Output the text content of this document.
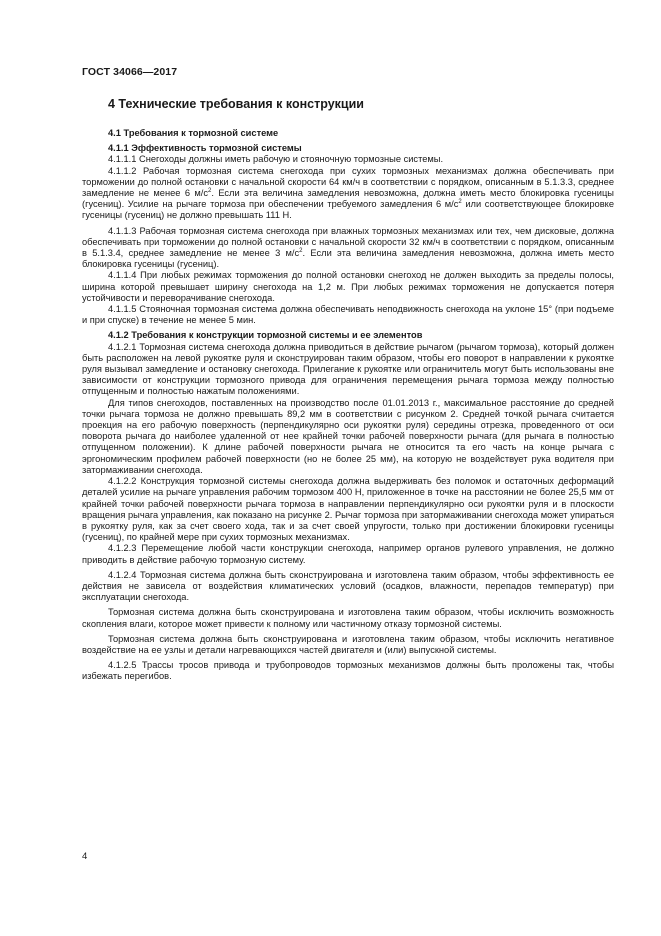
ГОСТ 34066—2017
4 Технические требования к конструкции

4.1 Требования к тормозной системе

4.1.1 Эффективность тормозной системы

4.1.1.1 Снегоходы должны иметь рабочую и стояночную тормозные системы.

4.1.1.2 Рабочая тормозная система снегохода при сухих тормозных механизмах должна обеспечивать при торможении до полной остановки с начальной скорости 64 км/ч в соответствии с порядком, описанным в 5.1.3.3, среднее замедление не менее 6 $м/с^2$. Если эта величина замедления невозможна, должна иметь место блокировка гусеницы (гусениц). Усилие на рычаге тормоза при обеспечении требуемого замедления 6 $м/с^2$ или соответствующее блокировке гусеницы (гусениц) не должно превышать 111 Н.

4.1.1.3 Рабочая тормозная система снегохода при влажных тормозных механизмах или тех, чем дисковые, должна обеспечивать при торможении до полной остановки с начальной скорости 32 км/ч в соответствии с порядком, описанным в 5.1.3.4, среднее замедление не менее 3 $м/с^2$. Если эта величина замедления невозможна, должна иметь место блокировка гусеницы (гусениц).

4.1.1.4 При любых режимах торможения до полной остановки снегоход не должен выходить за пределы полосы, ширина которой превышает ширину снегохода на 1,2 м. При любых режимах торможения не допускается потеря устойчивости и переворачивание снегохода.

4.1.1.5 Стояночная тормозная система должна обеспечивать неподвижность снегохода на уклоне 15° (при подъеме и при спуске) в течение не менее 5 мин.

4.1.2 Требования к конструкции тормозной системы и ее элементов

4.1.2.1 Тормозная система снегохода должна приводиться в действие рычагом (рычагом тормоза), который должен быть расположен на левой рукоятке руля и сконструирован таким образом, чтобы его поворот в направлении к рукоятке руля вызывал замедление и остановку снегохода. Прилегание к рукоятке или ограничитель могут быть использованы вне зависимости от конструкции тормозного привода для ограничения перемещения рычага тормоза между полностью отпущенным и полностью нажатым положениями.

Для типов снегоходов, поставленных на производство после 01.01.2013 г., максимальное расстояние до средней точки рычага тормоза не должно превышать 89,2 мм в соответствии с рисунком 2. Средней точкой рычага считается проекция на его рабочую поверхность (перпендикулярно оси рукоятки руля) середины отрезка, проведенного от оси поворота рычага до наиболее удаленной от нее крайней точки рабочей поверхности рычага (для рычага в полностью отпущенном положении). К длине рабочей поверхности рычага не относится та его часть на конце рычага с эргономическим профилем рабочей поверхности (но не более 25 мм), на которую не воздействует рука водителя при затормаживании снегохода.

4.1.2.2 Конструкция тормозной системы снегохода должна выдерживать без поломок и остаточных деформаций деталей усилие на рычаге управления рабочим тормозом 400 Н, приложенное в точке на расстоянии не более 25,5 мм от крайней точки рабочей поверхности рычага тормоза в направлении перпендикулярно оси рукоятки руля и в плоскости вращения рычага управления, как показано на рисунке 2. Рычаг тормоза при затормаживании снегохода может упираться в рукоятку руля, как за счет своего хода, так и за счет своей упругости, только при достижении блокировки гусеницы (гусениц), по крайней мере при сухих тормозных механизмах.

4.1.2.3 Перемещение любой части конструкции снегохода, например органов рулевого управления, не должно приводить в действие рабочую тормозную систему.

4.1.2.4 Тормозная система должна быть сконструирована и изготовлена таким образом, чтобы эффективность ее действия не зависела от воздействия климатических условий (осадков, влажности, перепадов температур) при эксплуатации снегохода.

Тормозная система должна быть сконструирована и изготовлена таким образом, чтобы исключить возможность скопления влаги, которое может привести к полному или частичному отказу тормозной системы.

Тормозная система должна быть сконструирована и изготовлена таким образом, чтобы исключить негативное воздействие на ее узлы и детали нагревающихся частей двигателя и (или) выпускной системы.

4.1.2.5 Трассы тросов привода и трубопроводов тормозных механизмов должны быть проложены так, чтобы избежать перегибов.

4
